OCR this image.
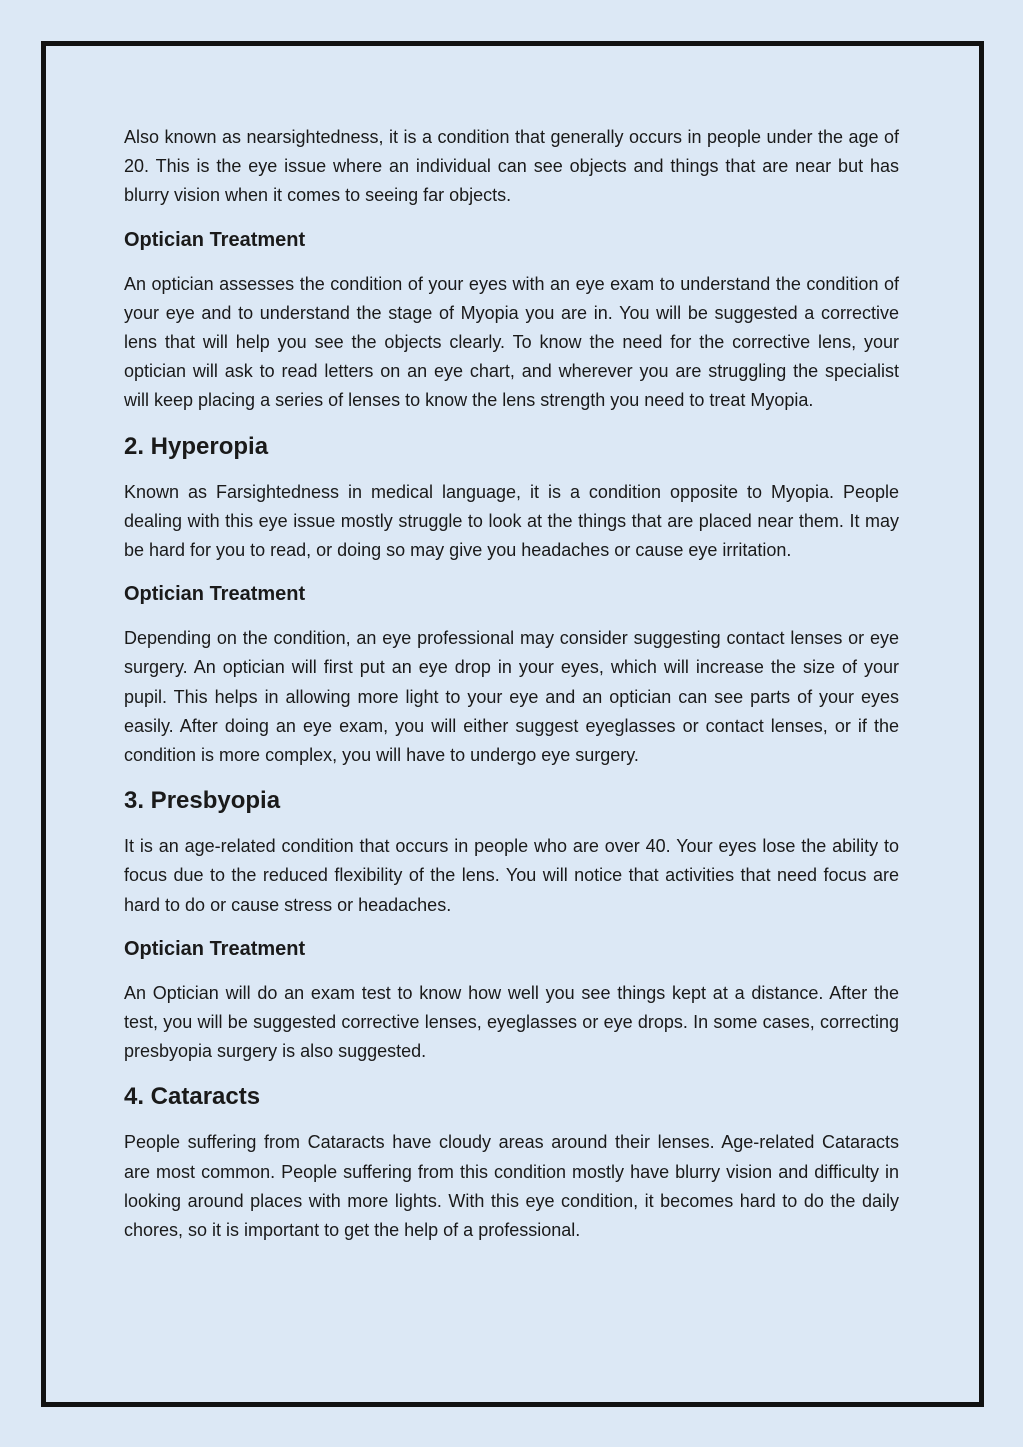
Also known as nearsightedness, it is a condition that generally occurs in people under the age of 20. This is the eye issue where an individual can see objects and things that are near but has blurry vision when it comes to seeing far objects.

Optician Treatment

An optician assesses the condition of your eyes with an eye exam to understand the condition of your eye and to understand the stage of Myopia you are in. You will be suggested a corrective lens that will help you see the objects clearly. To know the need for the corrective lens, your optician will ask to read letters on an eye chart, and wherever you are struggling the specialist will keep placing a series of lenses to know the lens strength you need to treat Myopia.

2. Hyperopia

Known as Farsightedness in medical language, it is a condition opposite to Myopia. People dealing with this eye issue mostly struggle to look at the things that are placed near them. It may be hard for you to read, or doing so may give you headaches or cause eye irritation.

Optician Treatment

Depending on the condition, an eye professional may consider suggesting contact lenses or eye surgery. An optician will first put an eye drop in your eyes, which will increase the size of your pupil. This helps in allowing more light to your eye and an optician can see parts of your eyes easily. After doing an eye exam, you will either suggest eyeglasses or contact lenses, or if the condition is more complex, you will have to undergo eye surgery.

3. Presbyopia

It is an age-related condition that occurs in people who are over 40. Your eyes lose the ability to focus due to the reduced flexibility of the lens. You will notice that activities that need focus are hard to do or cause stress or headaches.

Optician Treatment

An Optician will do an exam test to know how well you see things kept at a distance. After the test, you will be suggested corrective lenses, eyeglasses or eye drops. In some cases, correcting presbyopia surgery is also suggested.

4. Cataracts

People suffering from Cataracts have cloudy areas around their lenses. Age-related Cataracts are most common. People suffering from this condition mostly have blurry vision and difficulty in looking around places with more lights. With this eye condition, it becomes hard to do the daily chores, so it is important to get the help of a professional.
